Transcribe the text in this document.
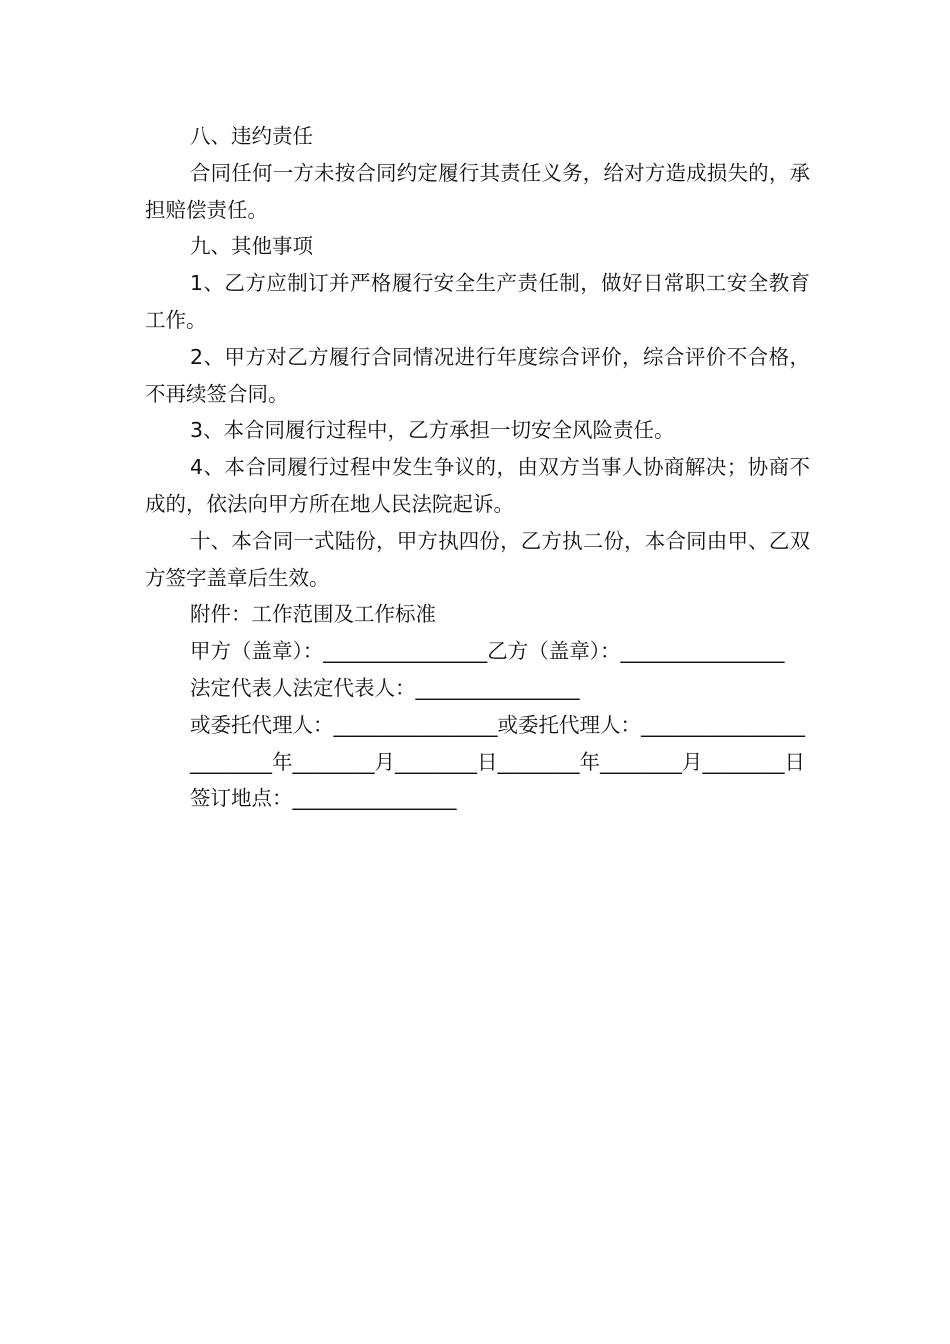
八、违约责任

合同任何一方未按合同约定履行其责任义务，给对方造成损失的，承担赔偿责任。

九、其他事项

1、乙方应制订并严格履行安全生产责任制，做好日常职工安全教育工作。

2、甲方对乙方履行合同情况进行年度综合评价，综合评价不合格，不再续签合同。

3、本合同履行过程中，乙方承担一切安全风险责任。

4、本合同履行过程中发生争议的，由双方当事人协商解决；协商不成的，依法向甲方所在地人民法院起诉。

十、本合同一式陆份，甲方执四份，乙方执二份，本合同由甲、乙双方签字盖章后生效。

附件：工作范围及工作标准

甲方（盖章）：________________乙方（盖章）：________________

法定代表人法定代表人：________________

或委托代理人：________________或委托代理人：________________

________年________月________日________年________月________日

签订地点：________________
